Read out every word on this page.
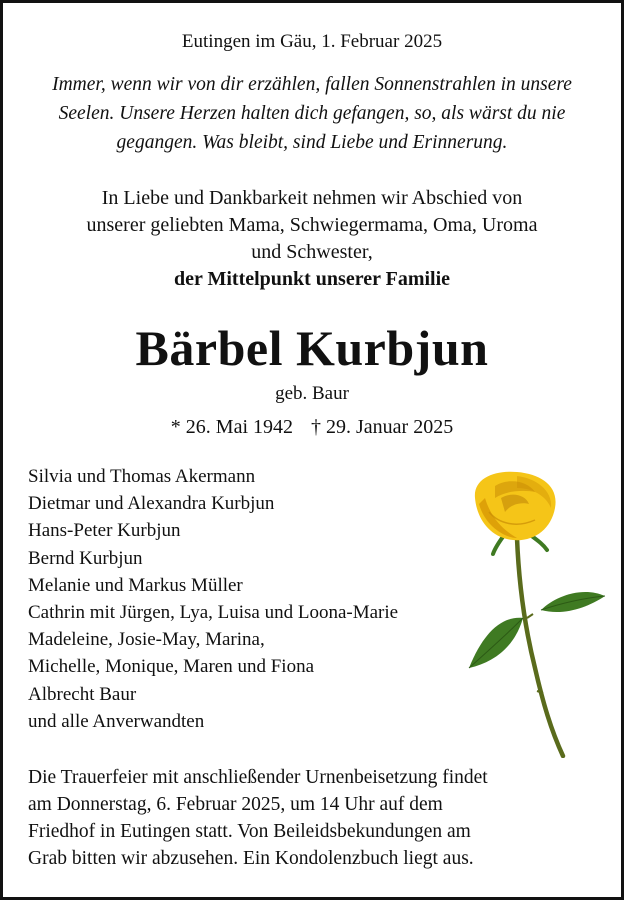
Eutingen im Gäu, 1. Februar 2025
Immer, wenn wir von dir erzählen, fallen Sonnenstrahlen in unsere
Seelen. Unsere Herzen halten dich gefangen, so, als wärst du nie
gegangen. Was bleibt, sind Liebe und Erinnerung.
In Liebe und Dankbarkeit nehmen wir Abschied von
unserer geliebten Mama, Schwiegermama, Oma, Uroma
und Schwester,
der Mittelpunkt unserer Familie
Bärbel Kurbjun
geb. Baur
* 26. Mai 1942 † 29. Januar 2025
Silvia und Thomas Akermann
Dietmar und Alexandra Kurbjun
Hans-Peter Kurbjun
Bernd Kurbjun
Melanie und Markus Müller
Cathrin mit Jürgen, Lya, Luisa und Loona-Marie
Madeleine, Josie-May, Marina,
Michelle, Monique, Maren und Fiona
Albrecht Baur
und alle Anverwandten
Die Trauerfeier mit anschließender Urnenbeisetzung findet
am Donnerstag, 6. Februar 2025, um 14 Uhr auf dem
Friedhof in Eutingen statt. Von Beileidsbekundungen am
Grab bitten wir abzusehen. Ein Kondolenzbuch liegt aus.
